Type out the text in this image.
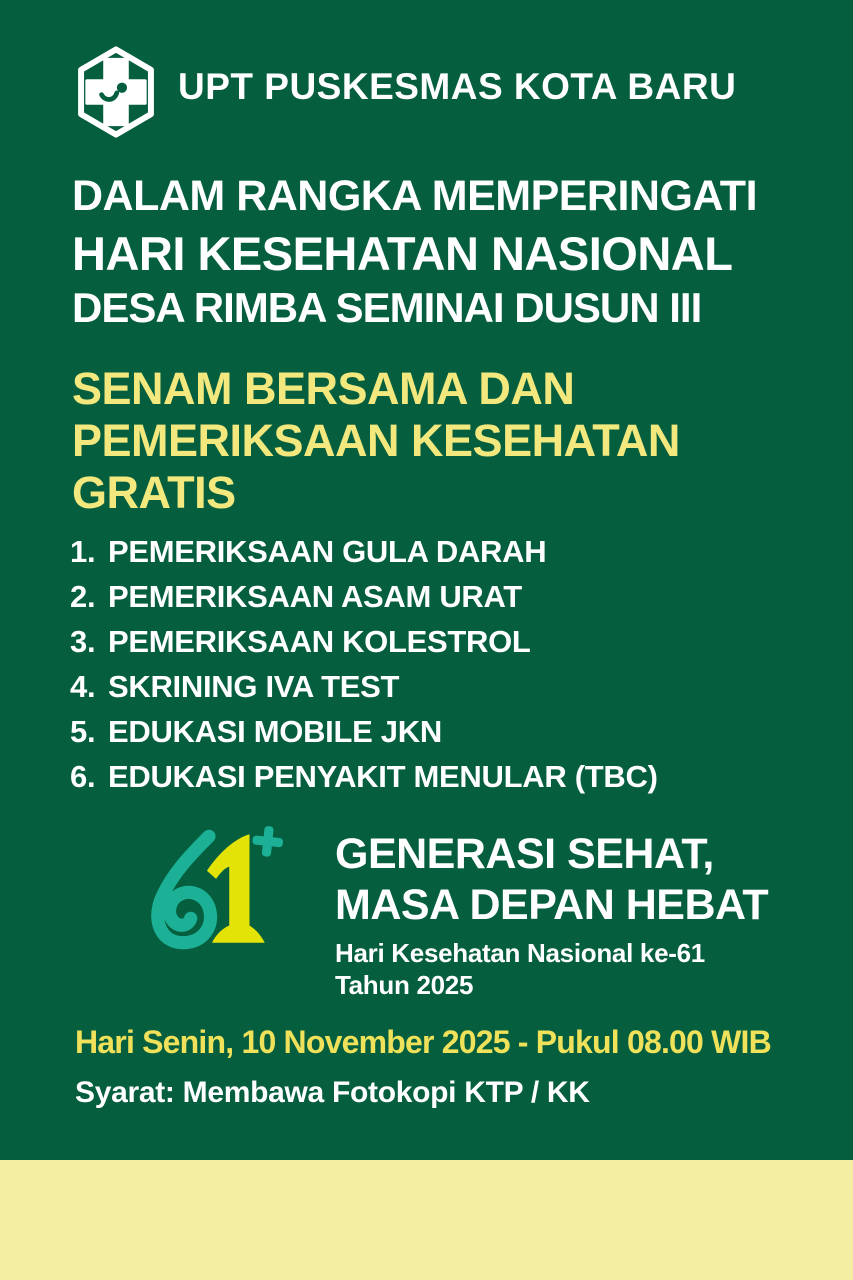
UPT PUSKESMAS KOTA BARU
DALAM RANGKA MEMPERINGATI
HARI KESEHATAN NASIONAL
DESA RIMBA SEMINAI DUSUN III
SENAM BERSAMA DAN
PEMERIKSAAN KESEHATAN
GRATIS
1. PEMERIKSAAN GULA DARAH
2. PEMERIKSAAN ASAM URAT
3. PEMERIKSAAN KOLESTROL
4. SKRINING IVA TEST
5. EDUKASI MOBILE JKN
6. EDUKASI PENYAKIT MENULAR (TBC)
GENERASI SEHAT,
MASA DEPAN HEBAT
Hari Kesehatan Nasional ke-61
Tahun 2025
Hari Senin, 10 November 2025 - Pukul 08.00 WIB
Syarat: Membawa Fotokopi KTP / KK
